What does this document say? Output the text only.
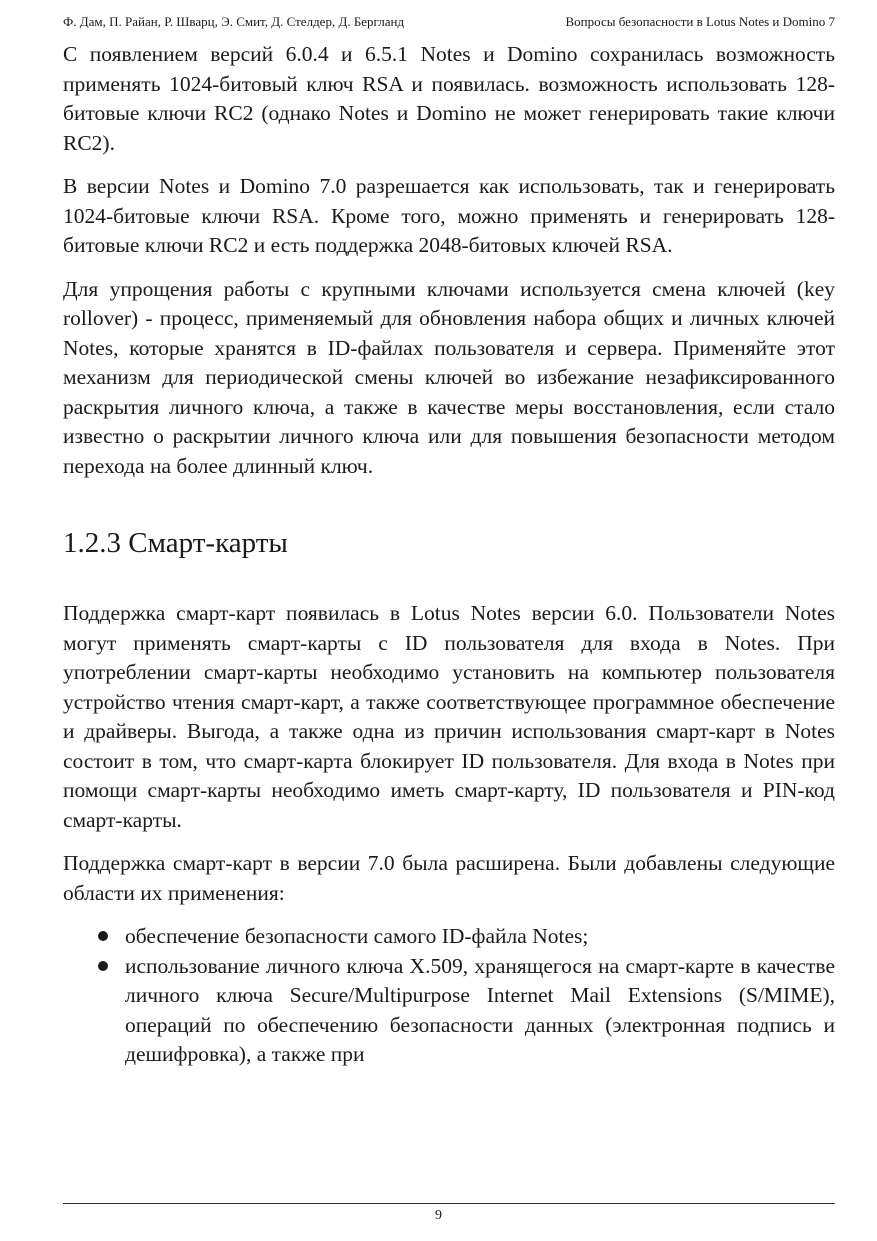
Ф. Дам, П. Райан, Р. Шварц, Э. Смит, Д. Стелдер, Д. Бергланд	Вопросы безопасности в Lotus Notes и Domino 7

С появлением версий 6.0.4 и 6.5.1 Notes и Domino сохранилась возможность применять 1024-битовый ключ RSA и появилась. возможность использовать 128-битовые ключи RC2 (однако Notes и Domino не может генерировать такие ключи RC2).

В версии Notes и Domino 7.0 разрешается как использовать, так и генерировать 1024-битовые ключи RSA. Кроме того, можно применять и генерировать 128-битовые ключи RC2 и есть поддержка 2048-битовых ключей RSA.

Для упрощения работы с крупными ключами используется смена ключей (key rollover) - процесс, применяемый для обновления набора общих и личных ключей Notes, которые хранятся в ID-файлах пользователя и сервера. Применяйте этот механизм для периодической смены ключей во избежание незафиксированного раскрытия личного ключа, а также в качестве меры восстановления, если стало известно о раскрытии личного ключа или для повышения безопасности методом перехода на более длинный ключ.

1.2.3 Смарт-карты

Поддержка смарт-карт появилась в Lotus Notes версии 6.0. Пользователи Notes могут применять смарт-карты с ID пользователя для входа в Notes. При употреблении смарт-карты необходимо установить на компьютер пользователя устройство чтения смарт-карт, а также соответствующее программное обеспечение и драйверы. Выгода, а также одна из причин использования смарт-карт в Notes состоит в том, что смарт-карта блокирует ID пользователя. Для входа в Notes при помощи смарт-карты необходимо иметь смарт-карту, ID пользователя и PIN-код смарт-карты.

Поддержка смарт-карт в версии 7.0 была расширена. Были добавлены следующие области их применения:

обеспечение безопасности самого ID-файла Notes;
использование личного ключа X.509, хранящегося на смарт-карте в качестве личного ключа Secure/Multipurpose Internet Mail Extensions (S/MIME), операций по обеспечению безопасности данных (электронная подпись и дешифровка), а также при
9
